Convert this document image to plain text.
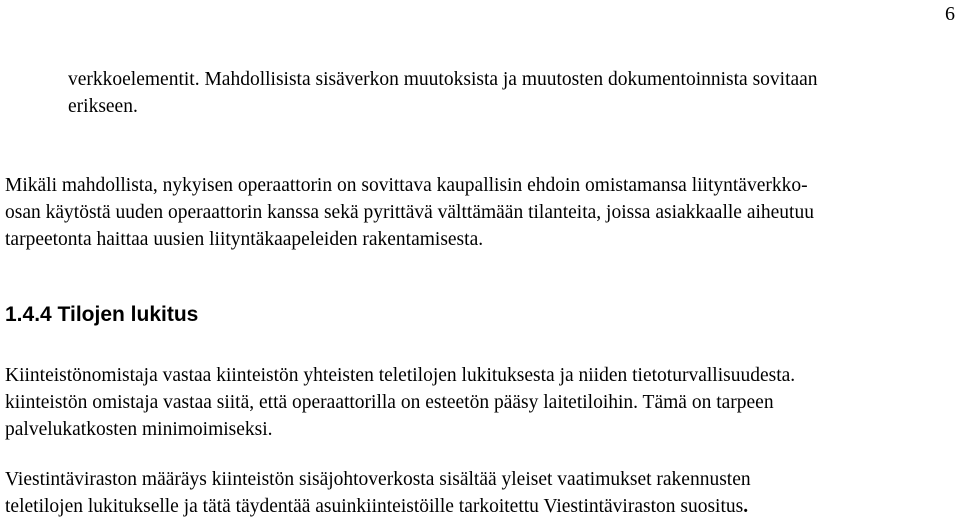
6

verkkoelementit. Mahdollisista sisäverkon muutoksista ja muutosten dokumentoinnista sovitaan
erikseen.

Mikäli mahdollista, nykyisen operaattorin on sovittava kaupallisin ehdoin omistamansa liityntäverkko-
osan käytöstä uuden operaattorin kanssa sekä pyrittävä välttämään tilanteita, joissa asiakkaalle aiheutuu
tarpeetonta haittaa uusien liityntäkaapeleiden rakentamisesta.

1.4.4 Tilojen lukitus

Kiinteistönomistaja vastaa kiinteistön yhteisten teletilojen lukituksesta ja niiden tietoturvallisuudesta.
kiinteistön omistaja vastaa siitä, että operaattorilla on esteetön pääsy laitetiloihin. Tämä on tarpeen
palvelukatkosten minimoimiseksi.

Viestintäviraston määräys kiinteistön sisäjohtoverkosta sisältää yleiset vaatimukset rakennusten
teletilojen lukitukselle ja tätä täydentää asuinkiinteistöille tarkoitettu Viestintäviraston suositus.
